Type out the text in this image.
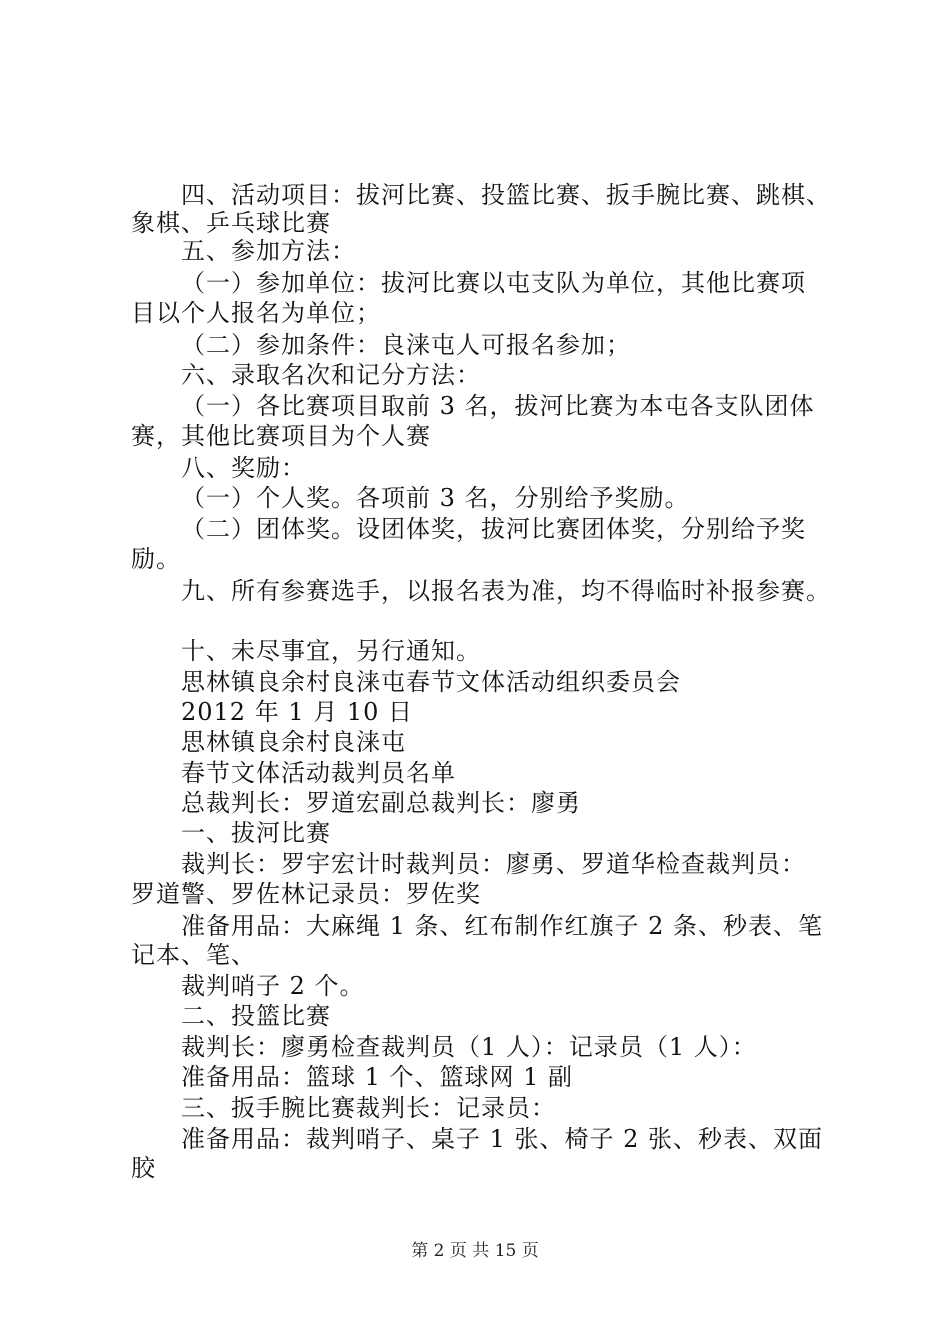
四、活动项目：拔河比赛、投篮比赛、扳手腕比赛、跳棋、

象棋、乒乓球比赛

五、参加方法：

（一）参加单位：拔河比赛以屯支队为单位，其他比赛项

目以个人报名为单位；

（二）参加条件：良涞屯人可报名参加；

六、录取名次和记分方法：

（一）各比赛项目取前 3 名，拔河比赛为本屯各支队团体

赛，其他比赛项目为个人赛

八、奖励：

（一）个人奖。各项前 3 名，分别给予奖励。

（二）团体奖。设团体奖，拔河比赛团体奖，分别给予奖

励。

九、所有参赛选手，以报名表为准，均不得临时补报参赛。

十、未尽事宜，另行通知。

思林镇良余村良涞屯春节文体活动组织委员会

2012 年 1 月 10 日

思林镇良余村良涞屯

春节文体活动裁判员名单

总裁判长：罗道宏副总裁判长：廖勇

一、拔河比赛

裁判长：罗宇宏计时裁判员：廖勇、罗道华检查裁判员：

罗道警、罗佐林记录员：罗佐奖

准备用品：大麻绳 1 条、红布制作红旗子 2 条、秒表、笔

记本、笔、

裁判哨子 2 个。

二、投篮比赛

裁判长：廖勇检查裁判员（1 人）：记录员（1 人）：

准备用品：篮球 1 个、篮球网 1 副

三、扳手腕比赛裁判长：记录员：

准备用品：裁判哨子、桌子 1 张、椅子 2 张、秒表、双面

胶

第 2 页 共 15 页
